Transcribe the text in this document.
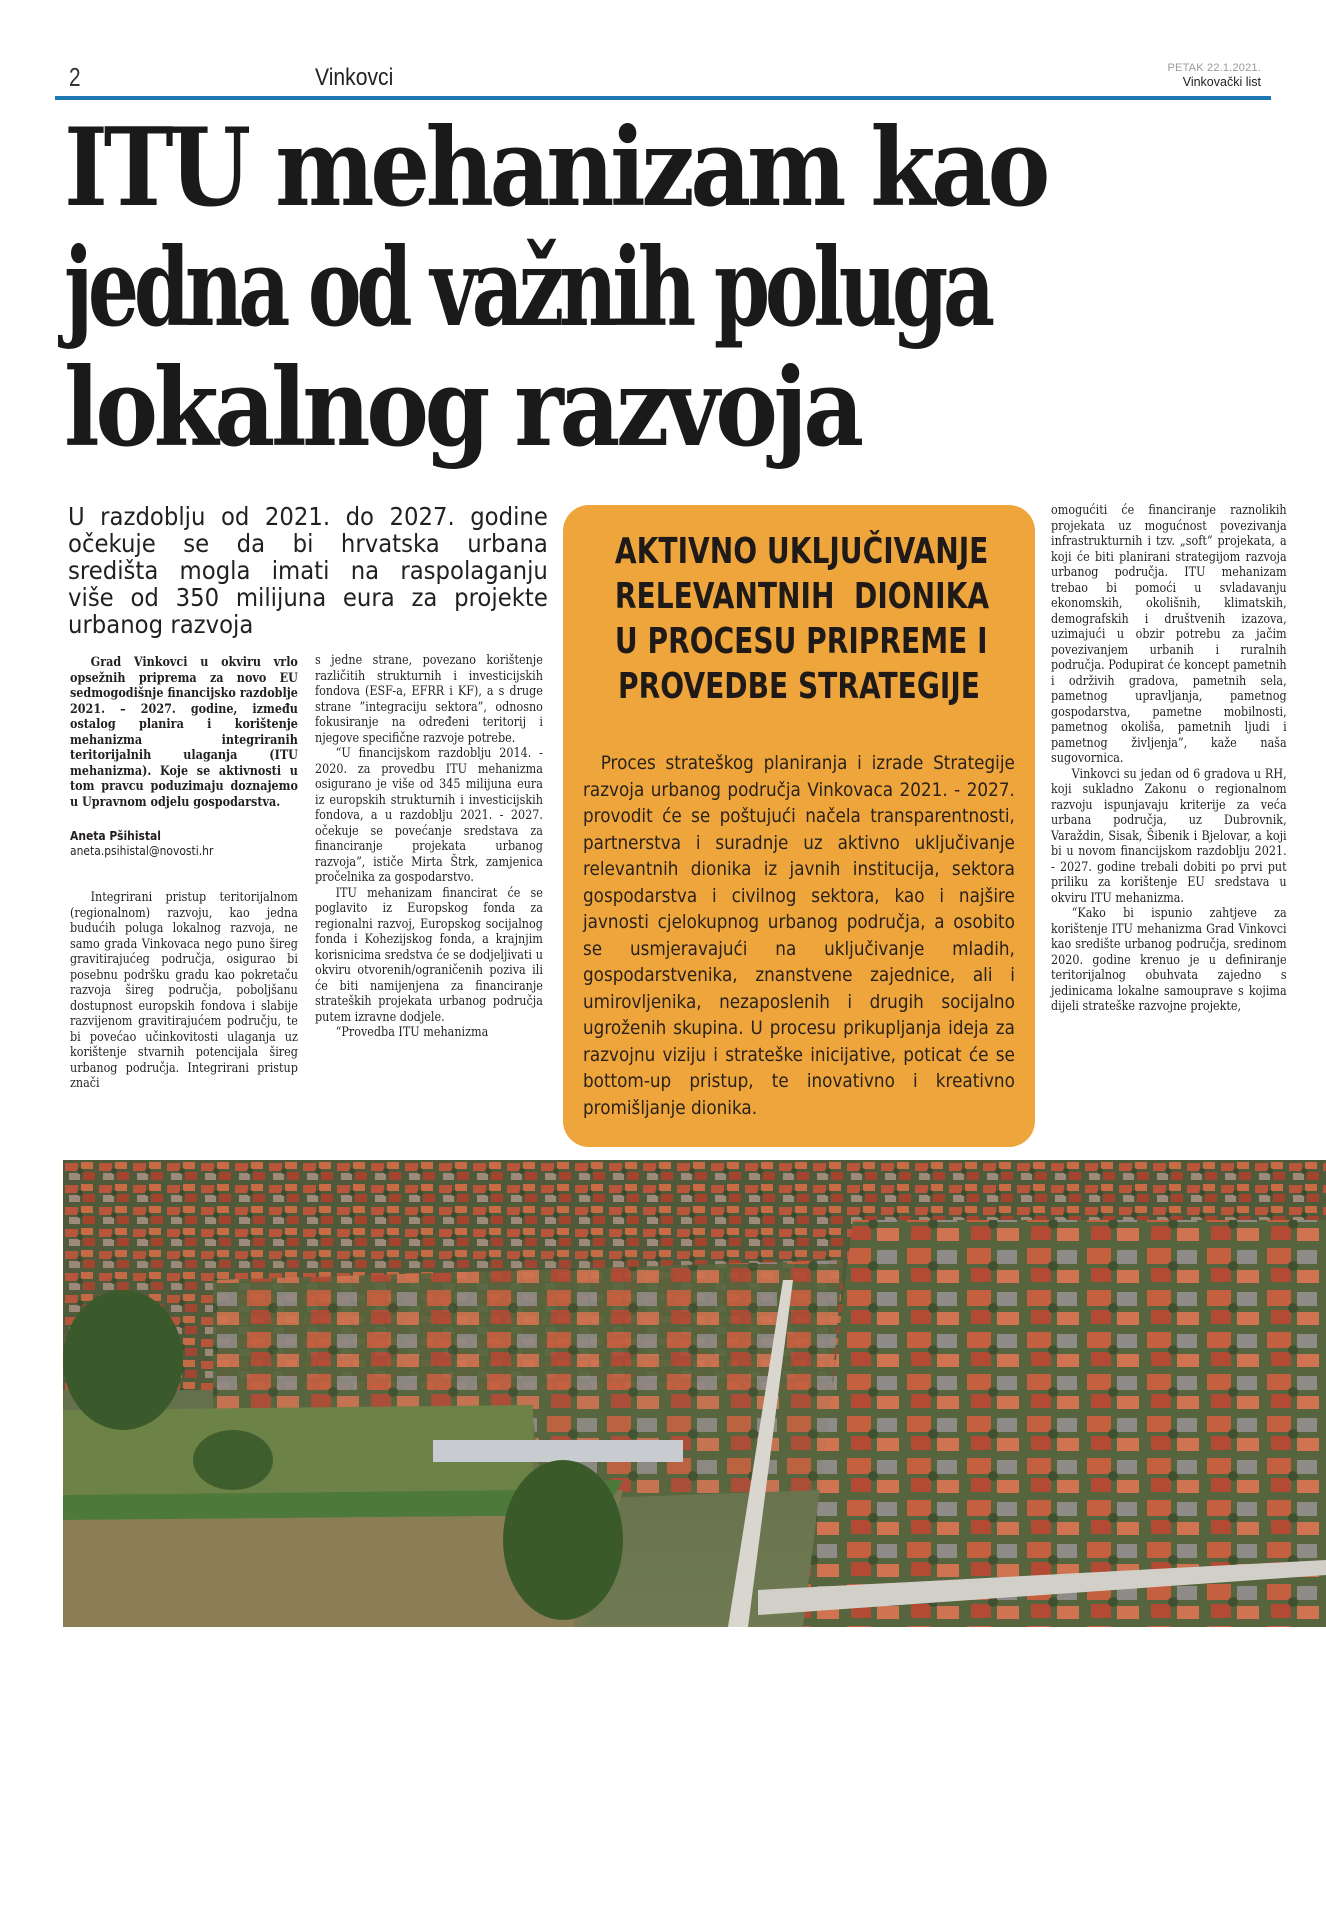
2	Vinkovci	PETAK 22.1.2021.
Vinkovački list
ITU mehanizam kao
jedna od važnih poluga
lokalnog razvoja
U razdoblju od 2021. do 2027. godine
očekuje se da bi hrvatska urbana
središta mogla imati na raspolaganju
više od 350 milijuna eura za projekte
urbanog razvoja

Grad Vinkovci u okviru vrlo opsežnih priprema za novo EU sedmogodišnje financijsko razdoblje 2021. – 2027. godine, između ostalog planira i korištenje mehanizma integriranih teritorijalnih ulaganja (ITU mehanizma). Koje se aktivnosti u tom pravcu poduzimaju doznajemo u Upravnom odjelu gospodarstva.

Aneta Pšihistal
aneta.psihistal@novosti.hr

Integrirani pristup teritorijalnom (regionalnom) razvoju, kao jedna budućih poluga lokalnog razvoja, ne samo grada Vinkovaca nego puno šireg gravitirajućeg područja, osigurao bi posebnu podršku gradu kao pokretaču razvoja šireg područja, poboljšanu dostupnost europskih fondova i slabije razvijenom gravitirajućem području, te bi povećao učinkovitosti ulaganja uz korištenje stvarnih potencijala šireg urbanog područja. Integrirani pristup znači

s jedne strane, povezano korištenje različitih strukturnih i investicijskih fondova (ESF-a, EFRR i KF), a s druge strane ”integraciju sektora”, odnosno fokusiranje na određeni teritorij i njegove specifične razvoje potrebe.

“U financijskom razdoblju 2014. - 2020. za provedbu ITU mehanizma osigurano je više od 345 milijuna eura iz europskih strukturnih i investicijskih fondova, a u razdoblju 2021. - 2027. očekuje se povećanje sredstava za financiranje projekata urbanog razvoja”, ističe Mirta Štrk, zamjenica pročelnika za gospodarstvo.

ITU mehanizam financirat će se poglavito iz Europskog fonda za regionalni razvoj, Europskog socijalnog fonda i Kohezijskog fonda, a krajnjim korisnicima sredstva će se dodjeljivati u okviru otvorenih/ograničenih poziva ili će biti namijenjena za financiranje strateških projekata urbanog područja putem izravne dodjele.

“Provedba ITU mehanizma

AKTIVNO UKLJUČIVANJE
RELEVANTNIH  DIONIKA
U PROCESU PRIPREME I
PROVEDBE STRATEGIJE
Proces strateškog planiranja i izrade Strategije razvoja urbanog područja Vinkovaca 2021. - 2027. provodit će se poštujući načela transparentnosti, partnerstva i suradnje uz aktivno uključivanje relevantnih dionika iz javnih institucija, sektora gospodarstva i civilnog sektora, kao i najšire javnosti cjelokupnog urbanog područja, a osobito se usmjeravajući na uključivanje mladih, gospodarstvenika, znanstvene zajednice, ali i umirovljenika, nezaposlenih i drugih socijalno ugroženih skupina. U procesu prikupljanja ideja za razvojnu viziju i strateške inicijative, poticat će se bottom-up pristup, te inovativno i kreativno promišljanje dionika.

omogućiti će financiranje raznolikih projekata uz mogućnost povezivanja infrastrukturnih i tzv. „soft“ projekata, a koji će biti planirani strategijom razvoja urbanog područja. ITU mehanizam trebao bi pomoći u svladavanju ekonomskih, okolišnih, klimatskih, demografskih i društvenih izazova, uzimajući u obzir potrebu za jačim povezivanjem urbanih i ruralnih područja. Podupirat će koncept pametnih i održivih gradova, pametnih sela, pametnog upravljanja, pametnog gospodarstva, pametne mobilnosti, pametnog okoliša, pametnih ljudi i pametnog življenja”, kaže naša sugovornica.

Vinkovci su jedan od 6 gradova u RH, koji sukladno Zakonu o regionalnom razvoju ispunjavaju kriterije za veća urbana područja, uz Dubrovnik, Varaždin, Sisak, Šibenik i Bjelovar, a koji bi u novom financijskom razdoblju 2021. - 2027. godine trebali dobiti po prvi put priliku za korištenje EU sredstava u okviru ITU mehanizma.

“Kako bi ispunio zahtjeve za korištenje ITU mehanizma Grad Vinkovci kao središte urbanog područja, sredinom 2020. godine krenuo je u definiranje teritorijalnog obuhvata zajedno s jedinicama lokalne samouprave s kojima dijeli strateške razvojne projekte,
